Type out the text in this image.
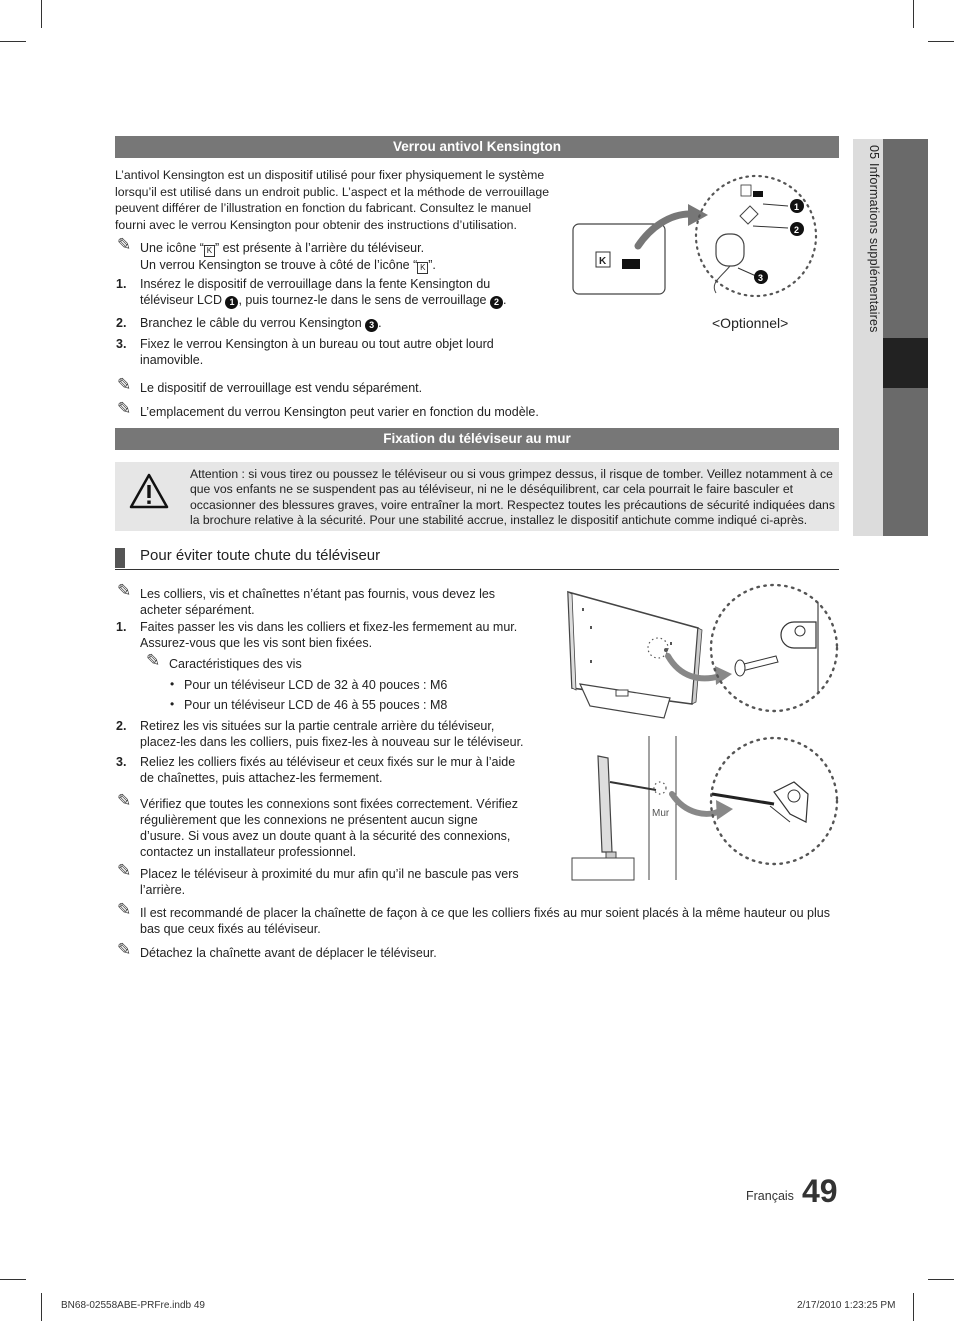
05 Informations supplémentaires
Verrou antivol Kensington
L’antivol Kensington est un dispositif utilisé pour fixer physiquement le système lorsqu’il est utilisé dans un endroit public. L’aspect et la méthode de verrouillage peuvent différer de l’illustration en fonction du fabricant. Consultez le manuel fourni avec le verrou Kensington pour obtenir des instructions d’utilisation.
✎ Une icône “ K ” est présente à l’arrière du téléviseur.
Un verrou Kensington se trouve à côté de l’icône “ K ”.
1. Insérez le dispositif de verrouillage dans la fente Kensington du téléviseur LCD 1 , puis tournez-le dans le sens de verrouillage 2 .
2. Branchez le câble du verrou Kensington 3 .
3. Fixez le verrou Kensington à un bureau ou tout autre objet lourd inamovible.
✎ Le dispositif de verrouillage est vendu séparément.
✎ L’emplacement du verrou Kensington peut varier en fonction du modèle.
K
1
2
3
<Optionnel>
Fixation du téléviseur au mur
Attention : si vous tirez ou poussez le téléviseur ou si vous grimpez dessus, il risque de tomber. Veillez notamment à ce que vos enfants ne se suspendent pas au téléviseur, ni ne le déséquilibrent, car cela pourrait le faire basculer et occasionner des blessures graves, voire entraîner la mort. Respectez toutes les précautions de sécurité indiquées dans la brochure relative à la sécurité. Pour une stabilité accrue, installez le dispositif antichute comme indiqué ci-après.
Pour éviter toute chute du téléviseur
✎ Les colliers, vis et chaînettes n’étant pas fournis, vous devez les acheter séparément.
1. Faites passer les vis dans les colliers et fixez-les fermement au mur. Assurez-vous que les vis sont bien fixées.
✎ Caractéristiques des vis
• Pour un téléviseur LCD de 32 à 40 pouces : M6
• Pour un téléviseur LCD de 46 à 55 pouces : M8
2. Retirez les vis situées sur la partie centrale arrière du téléviseur, placez-les dans les colliers, puis fixez-les à nouveau sur le téléviseur.
3. Reliez les colliers fixés au téléviseur et ceux fixés sur le mur à l’aide de chaînettes, puis attachez-les fermement.
✎ Vérifiez que toutes les connexions sont fixées correctement. Vérifiez régulièrement que les connexions ne présentent aucun signe d’usure. Si vous avez un doute quant à la sécurité des connexions, contactez un installateur professionnel.
✎ Placez le téléviseur à proximité du mur afin qu’il ne bascule pas vers l’arrière.
✎ Il est recommandé de placer la chaînette de façon à ce que les colliers fixés au mur soient placés à la même hauteur ou plus bas que ceux fixés au téléviseur.
✎ Détachez la chaînette avant de déplacer le téléviseur.
Mur
Français 49
BN68-02558ABE-PRFre.indb 49	2/17/2010 1:23:25 PM
